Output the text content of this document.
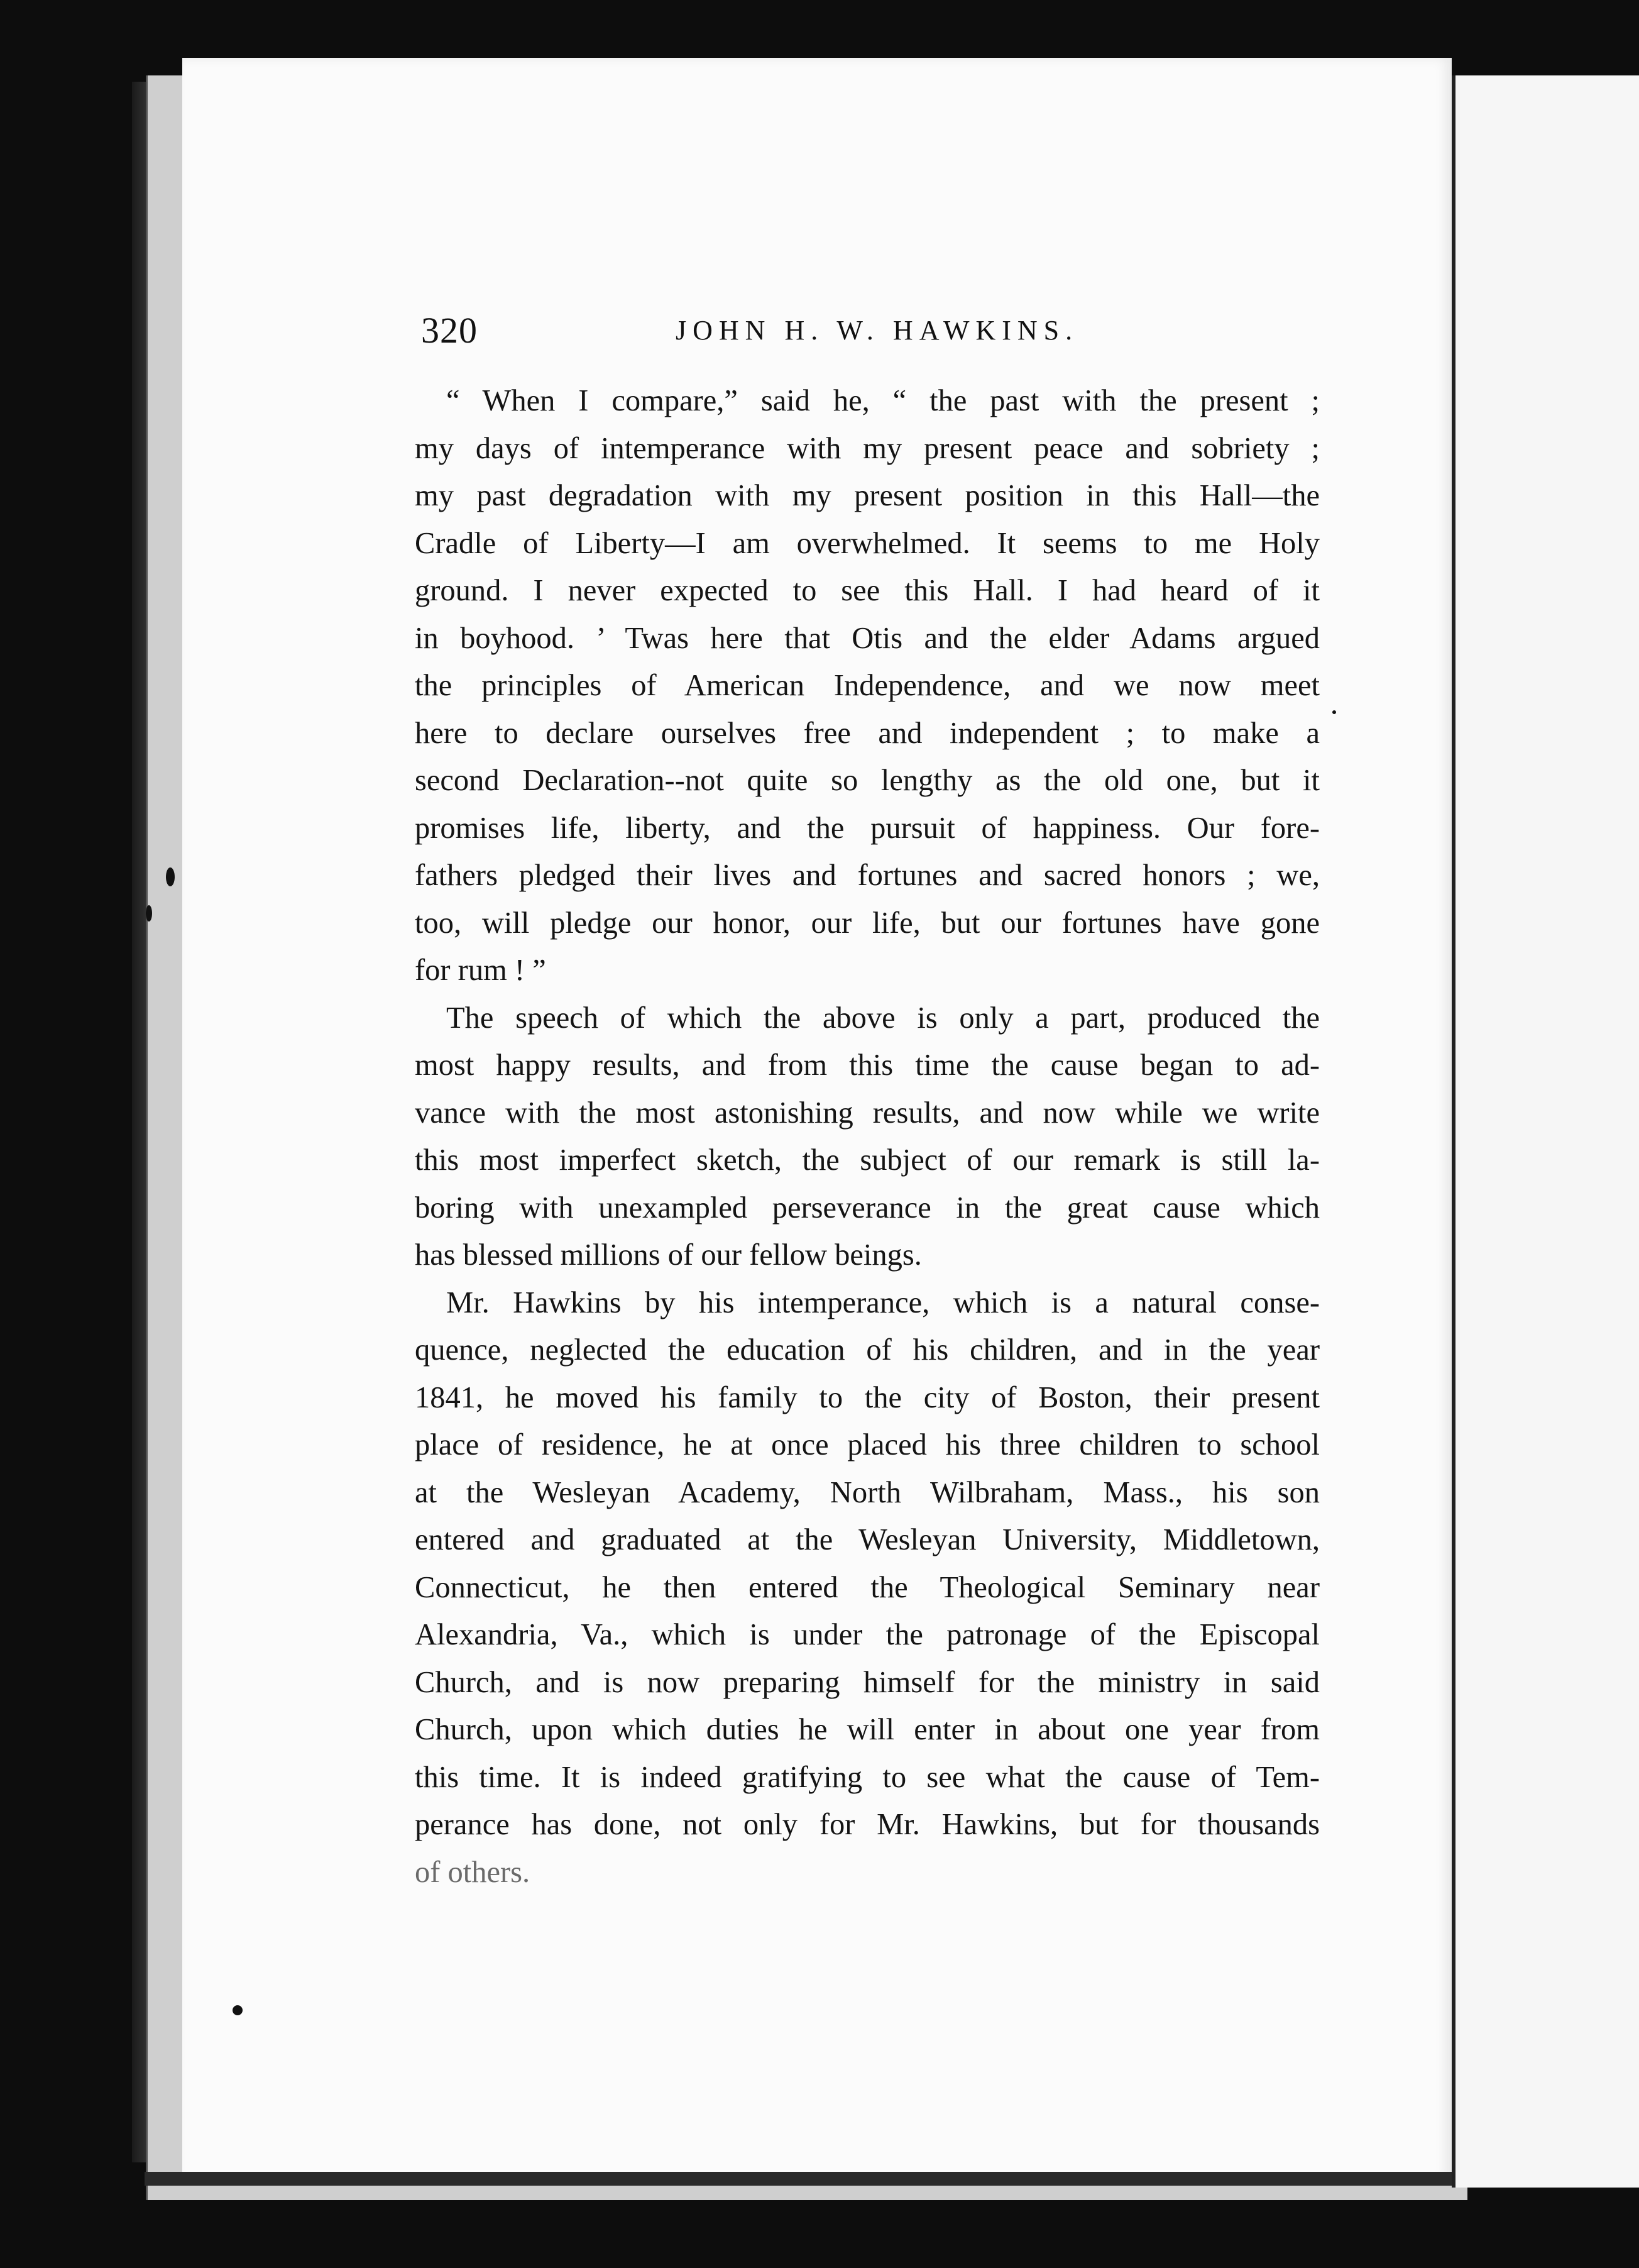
320	JOHN H. W. HAWKINS.
“ When I compare,” said he, “ the past with the present ;
my days of intemperance with my present peace and sobriety ;
my past degradation with my present position in this Hall—the
Cradle of Liberty—I am overwhelmed. It seems to me Holy
ground. I never expected to see this Hall. I had heard of it
in boyhood. ’ Twas here that Otis and the elder Adams argued
the principles of American Independence, and we now meet
here to declare ourselves free and independent ; to make a
second Declaration--not quite so lengthy as the old one, but it
promises life, liberty, and the pursuit of happiness. Our fore-
fathers pledged their lives and fortunes and sacred honors ; we,
too, will pledge our honor, our life, but our fortunes have gone
for rum ! ”
The speech of which the above is only a part, produced the
most happy results, and from this time the cause began to ad-
vance with the most astonishing results, and now while we write
this most imperfect sketch, the subject of our remark is still la-
boring with unexampled perseverance in the great cause which
has blessed millions of our fellow beings.
Mr. Hawkins by his intemperance, which is a natural conse-
quence, neglected the education of his children, and in the year
1841, he moved his family to the city of Boston, their present
place of residence, he at once placed his three children to school
at the Wesleyan Academy, North Wilbraham, Mass., his son
entered and graduated at the Wesleyan University, Middletown,
Connecticut, he then entered the Theological Seminary near
Alexandria, Va., which is under the patronage of the Episcopal
Church, and is now preparing himself for the ministry in said
Church, upon which duties he will enter in about one year from
this time. It is indeed gratifying to see what the cause of Tem-
perance has done, not only for Mr. Hawkins, but for thousands
of others.
